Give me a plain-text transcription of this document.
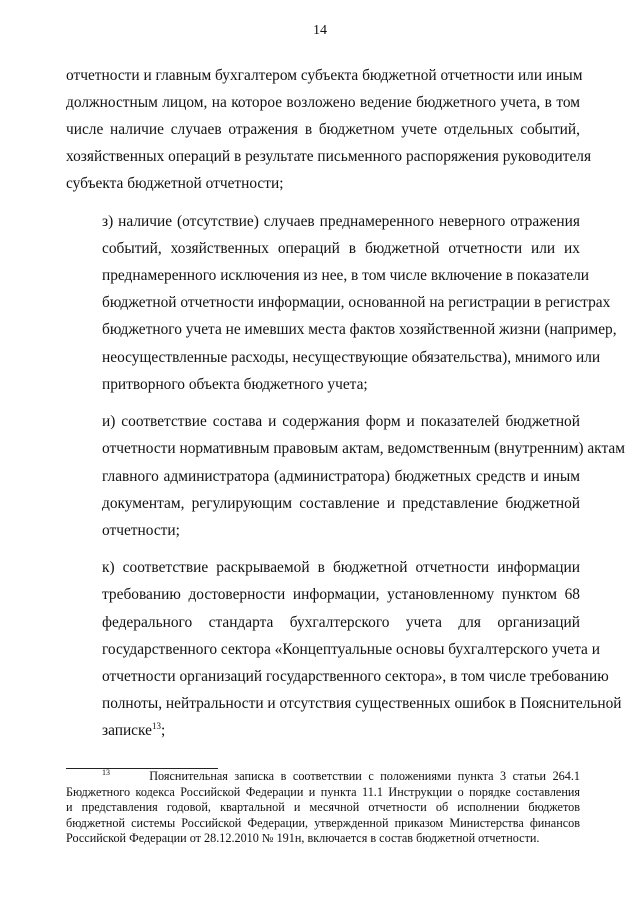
14

отчетности и главным бухгалтером субъекта бюджетной отчетности или иным
должностным лицом, на которое возложено ведение бюджетного учета, в том
числе наличие случаев отражения в бюджетном учете отдельных событий,
хозяйственных операций в результате письменного распоряжения руководителя
субъекта бюджетной отчетности;

з) наличие (отсутствие) случаев преднамеренного неверного отражения
событий, хозяйственных операций в бюджетной отчетности или их
преднамеренного исключения из нее, в том числе включение в показатели
бюджетной отчетности информации, основанной на регистрации в регистрах
бюджетного учета не имевших места фактов хозяйственной жизни (например,
неосуществленные расходы, несуществующие обязательства), мнимого или
притворного объекта бюджетного учета;

и) соответствие состава и содержания форм и показателей бюджетной
отчетности нормативным правовым актам, ведомственным (внутренним) актам
главного администратора (администратора) бюджетных средств и иным
документам, регулирующим составление и представление бюджетной
отчетности;

к) соответствие раскрываемой в бюджетной отчетности информации
требованию достоверности информации, установленному пунктом 68
федерального стандарта бухгалтерского учета для организаций
государственного сектора «Концептуальные основы бухгалтерского учета и
отчетности организаций государственного сектора», в том числе требованию
полноты, нейтральности и отсутствия существенных ошибок в Пояснительной
записке$^{13}$;

$^{13}$	Пояснительная записка в соответствии с положениями пункта 3 статьи 264.1
Бюджетного кодекса Российской Федерации и пункта 11.1 Инструкции о порядке составления
и представления годовой, квартальной и месячной отчетности об исполнении бюджетов
бюджетной системы Российской Федерации, утвержденной приказом Министерства финансов
Российской Федерации от 28.12.2010 № 191н, включается в состав бюджетной отчетности.
